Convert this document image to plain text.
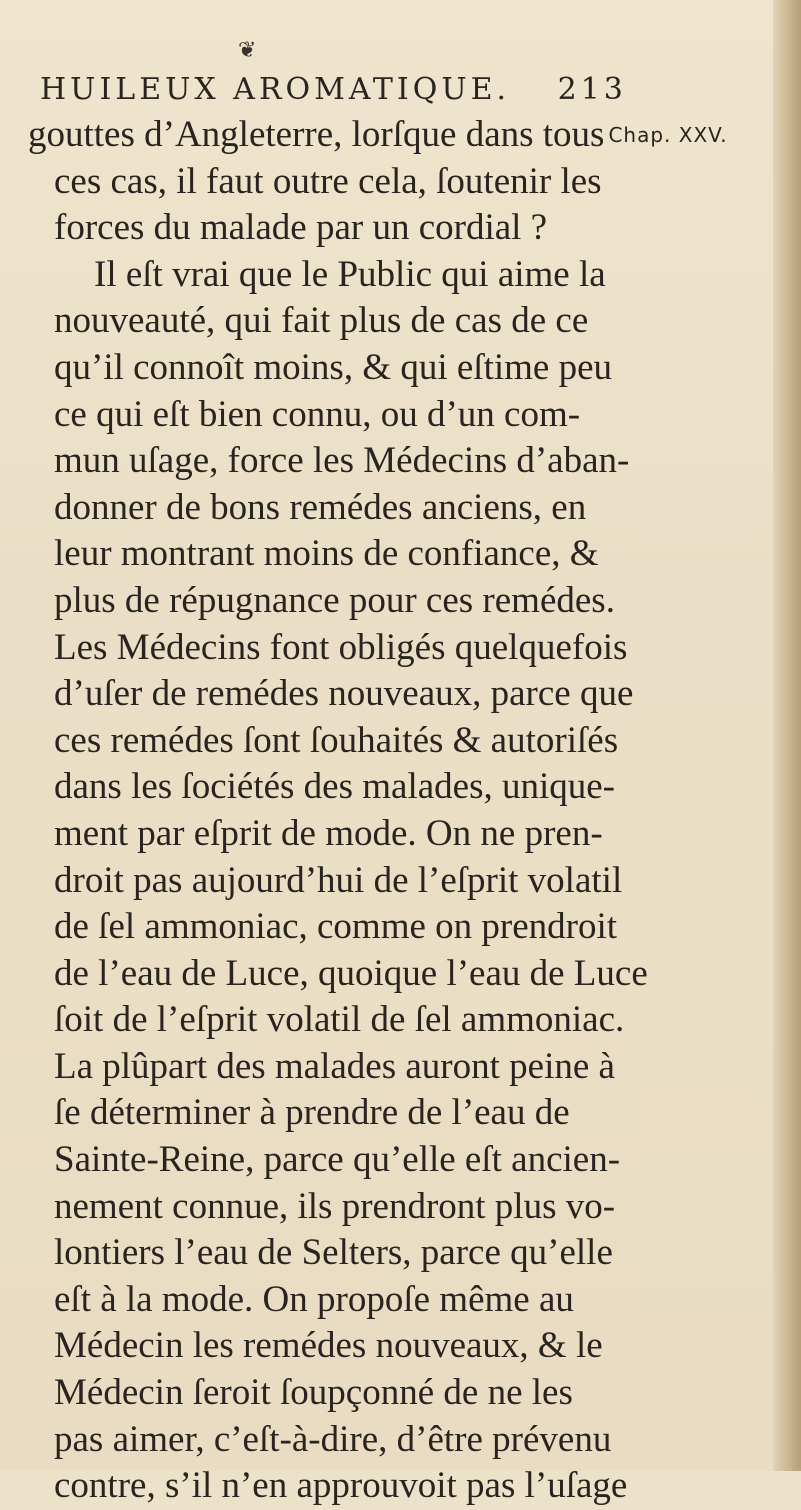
❦
HUILEUX AROMATIQUE. 213
gouttes d’Angleterre, lorſque dans tous Chap. XXV.
ces cas, il faut outre cela, ſoutenir les
forces du malade par un cordial ?
Il eſt vrai que le Public qui aime la
nouveauté, qui fait plus de cas de ce
qu’il connoît moins, & qui eſtime peu
ce qui eſt bien connu, ou d’un com-
mun uſage, force les Médecins d’aban-
donner de bons remédes anciens, en
leur montrant moins de confiance, &
plus de répugnance pour ces remédes.
Les Médecins font obligés quelquefois
d’uſer de remédes nouveaux, parce que
ces remédes ſont ſouhaités & autoriſés
dans les ſociétés des malades, unique-
ment par eſprit de mode. On ne pren-
droit pas aujourd’hui de l’eſprit volatil
de ſel ammoniac, comme on prendroit
de l’eau de Luce, quoique l’eau de Luce
ſoit de l’eſprit volatil de ſel ammoniac.
La plûpart des malades auront peine à
ſe déterminer à prendre de l’eau de
Sainte-Reine, parce qu’elle eſt ancien-
nement connue, ils prendront plus vo-
lontiers l’eau de Selters, parce qu’elle
eſt à la mode. On propoſe même au
Médecin les remédes nouveaux, & le
Médecin ſeroit ſoupçonné de ne les
pas aimer, c’eſt-à-dire, d’être prévenu
contre, s’il n’en approuvoit pas l’uſage
